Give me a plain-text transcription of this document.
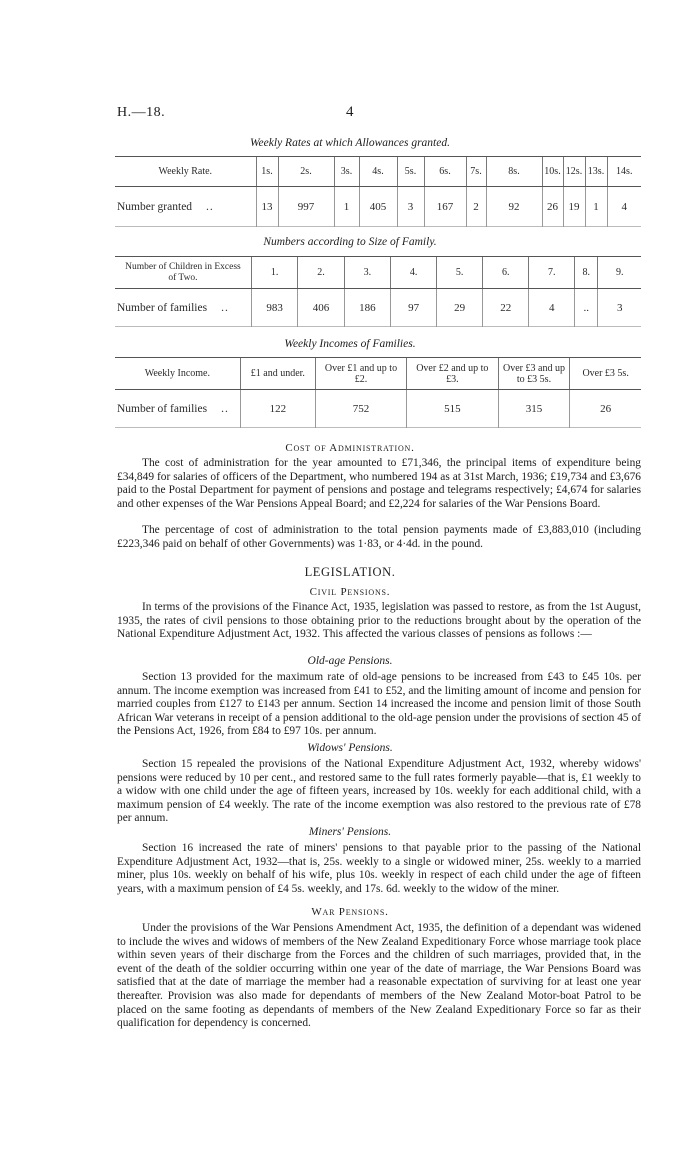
H.—18.	4
Weekly Rates at which Allowances granted.
Weekly Rate.	1s.	2s.	3s.	4s.	5s.	6s.	7s.	8s.	10s.	12s.	13s.	14s.
Number granted ..	13	997	1	405	3	167	2	92	26	19	1	4
Numbers according to Size of Family.
Number of Children in Excess of Two.	1.	2.	3.	4.	5.	6.	7.	8.	9.
Number of families ..	983	406	186	97	29	22	4	..	3
Weekly Incomes of Families.
Weekly Income.	£1 and under.	Over £1 and up to £2.	Over £2 and up to £3.	Over £3 and up to £3 5s.	Over £3 5s.
Number of families ..	122	752	515	315	26
Cost of Administration.

The cost of administration for the year amounted to £71,346, the principal items of expenditure being £34,849 for salaries of officers of the Department, who numbered 194 as at 31st March, 1936; £19,734 and £3,676 paid to the Postal Department for payment of pensions and postage and telegrams respectively; £4,674 for salaries and other expenses of the War Pensions Appeal Board; and £2,224 for salaries of the War Pensions Board.

The percentage of cost of administration to the total pension payments made of £3,883,010 (including £223,346 paid on behalf of other Governments) was 1·83, or 4·4d. in the pound.

LEGISLATION.
Civil Pensions.

In terms of the provisions of the Finance Act, 1935, legislation was passed to restore, as from the 1st August, 1935, the rates of civil pensions to those obtaining prior to the reductions brought about by the operation of the National Expenditure Adjustment Act, 1932. This affected the various classes of pensions as follows :—

Old-age Pensions.

Section 13 provided for the maximum rate of old-age pensions to be increased from £43 to £45 10s. per annum. The income exemption was increased from £41 to £52, and the limiting amount of income and pension for married couples from £127 to £143 per annum. Section 14 increased the income and pension limit of those South African War veterans in receipt of a pension additional to the old-age pension under the provisions of section 45 of the Pensions Act, 1926, from £84 to £97 10s. per annum.

Widows' Pensions.

Section 15 repealed the provisions of the National Expenditure Adjustment Act, 1932, whereby widows' pensions were reduced by 10 per cent., and restored same to the full rates formerly payable—that is, £1 weekly to a widow with one child under the age of fifteen years, increased by 10s. weekly for each additional child, with a maximum pension of £4 weekly. The rate of the income exemption was also restored to the previous rate of £78 per annum.

Miners' Pensions.

Section 16 increased the rate of miners' pensions to that payable prior to the passing of the National Expenditure Adjustment Act, 1932—that is, 25s. weekly to a single or widowed miner, 25s. weekly to a married miner, plus 10s. weekly on behalf of his wife, plus 10s. weekly in respect of each child under the age of fifteen years, with a maximum pension of £4 5s. weekly, and 17s. 6d. weekly to the widow of the miner.

War Pensions.

Under the provisions of the War Pensions Amendment Act, 1935, the definition of a dependant was widened to include the wives and widows of members of the New Zealand Expeditionary Force whose marriage took place within seven years of their discharge from the Forces and the children of such marriages, provided that, in the event of the death of the soldier occurring within one year of the date of marriage, the War Pensions Board was satisfied that at the date of marriage the member had a reasonable expectation of surviving for at least one year thereafter. Provision was also made for dependants of members of the New Zealand Motor-boat Patrol to be placed on the same footing as dependants of members of the New Zealand Expeditionary Force so far as their qualification for dependency is concerned.
